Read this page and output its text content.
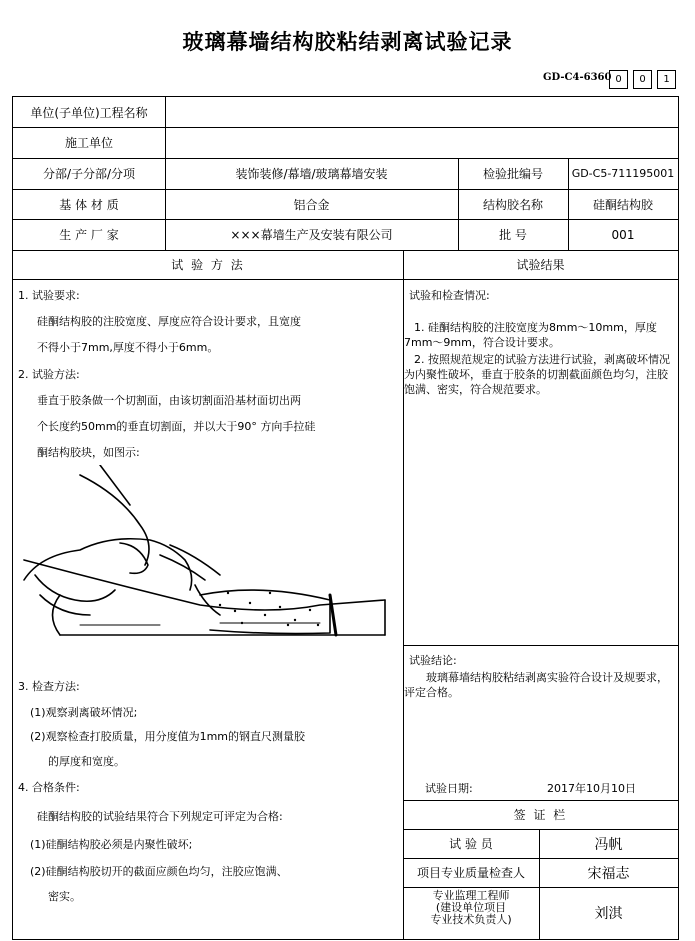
玻璃幕墙结构胶粘结剥离试验记录
GD-C4-6360 0	0	1
单位(子单位)工程名称
施工单位
分部/子分部/分项	装饰装修/幕墙/玻璃幕墙安装	检验批编号	GD-C5-711195001
基 体 材 质	铝合金	结构胶名称	硅酮结构胶
生 产 厂 家	×××幕墙生产及安装有限公司	批 号	001
试 验 方 法	试验结果
1. 试验要求:
硅酮结构胶的注胶宽度、厚度应符合设计要求，且宽度
不得小于7mm,厚度不得小于6mm。
2. 试验方法:
垂直于胶条做一个切割面，由该切割面沿基材面切出两
个长度约50mm的垂直切割面，并以大于90° 方向手拉硅
酮结构胶块，如图示:
3. 检查方法:
(1)观察剥离破坏情况;
(2)观察检查打胶质量，用分度值为1mm的钢直尺测量胶
的厚度和宽度。
4. 合格条件:
硅酮结构胶的试验结果符合下列规定可评定为合格:
(1)硅酮结构胶必须是内聚性破坏;
(2)硅酮结构胶切开的截面应颜色均匀，注胶应饱满、
密实。
试验和检查情况:
1. 硅酮结构胶的注胶宽度为8mm～10mm，厚度7mm～9mm，符合设计要求。
2. 按照规范规定的试验方法进行试验，剥离破坏情况为内聚性破坏，垂直于胶条的切割截面颜色均匀，注胶饱满、密实，符合规范要求。
试验结论:
玻璃幕墙结构胶粘结剥离实验符合设计及规要求，评定合格。
试验日期:	2017年10月10日
签 证 栏
试 验 员	冯帆
项目专业质量检查人	宋福志
专业监理工程师
(建设单位项目
专业技术负责人)	刘淇
